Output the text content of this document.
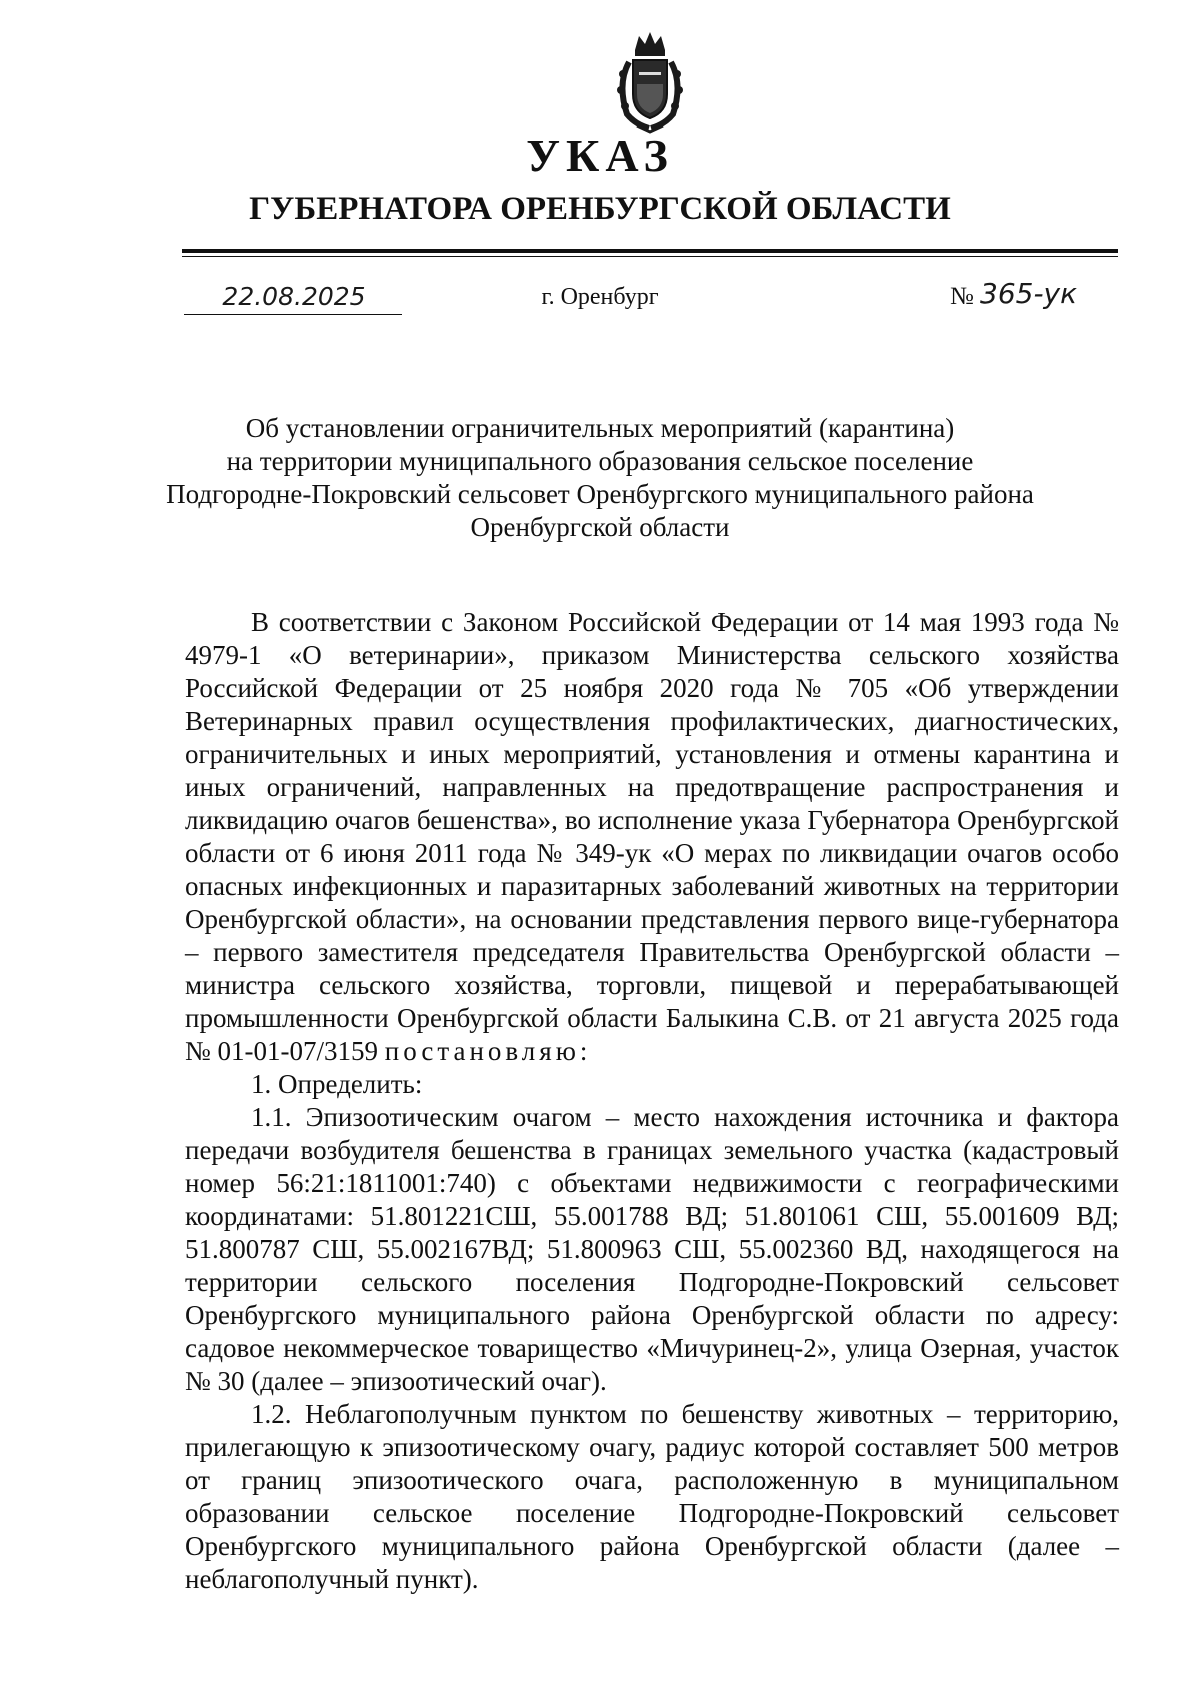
УКАЗ
ГУБЕРНАТОРА ОРЕНБУРГСКОЙ ОБЛАСТИ
22.08.2025	г. Оренбург	№ 365-ук
Об установлении ограничительных мероприятий (карантина)
на территории муниципального образования сельское поселение
Подгородне-Покровский сельсовет Оренбургского муниципального района
Оренбургской области

В соответствии с Законом Российской Федерации от 14 мая 1993 года № 4979-1 «О ветеринарии», приказом Министерства сельского хозяйства Российской Федерации от 25 ноября 2020 года № 705 «Об утверждении Ветеринарных правил осуществления профилактических, диагностических, ограничительных и иных мероприятий, установления и отмены карантина и иных ограничений, направленных на предотвращение распространения и ликвидацию очагов бешенства», во исполнение указа Губернатора Оренбургской области от 6 июня 2011 года № 349-ук «О мерах по ликвидации очагов особо опасных инфекционных и паразитарных заболеваний животных на территории Оренбургской области», на основании представления первого вице-губернатора – первого заместителя председателя Правительства Оренбургской области – министра сельского хозяйства, торговли, пищевой и перерабатывающей промышленности Оренбургской области Балыкина С.В. от 21 августа 2025 года № 01-01-07/3159 постановляю:

1. Определить:

1.1. Эпизоотическим очагом – место нахождения источника и фактора передачи возбудителя бешенства в границах земельного участка (кадастровый номер 56:21:1811001:740) с объектами недвижимости с географическими координатами: 51.801221СШ, 55.001788 ВД; 51.801061 СШ, 55.001609 ВД; 51.800787 СШ, 55.002167ВД; 51.800963 СШ, 55.002360 ВД, находящегося на территории сельского поселения Подгородне-Покровский сельсовет Оренбургского муниципального района Оренбургской области по адресу: садовое некоммерческое товарищество «Мичуринец-2», улица Озерная, участок № 30 (далее – эпизоотический очаг).

1.2. Неблагополучным пунктом по бешенству животных – территорию, прилегающую к эпизоотическому очагу, радиус которой составляет 500 метров от границ эпизоотического очага, расположенную в муниципальном образовании сельское поселение Подгородне-Покровский сельсовет Оренбургского муниципального района Оренбургской области (далее – неблагополучный пункт).
